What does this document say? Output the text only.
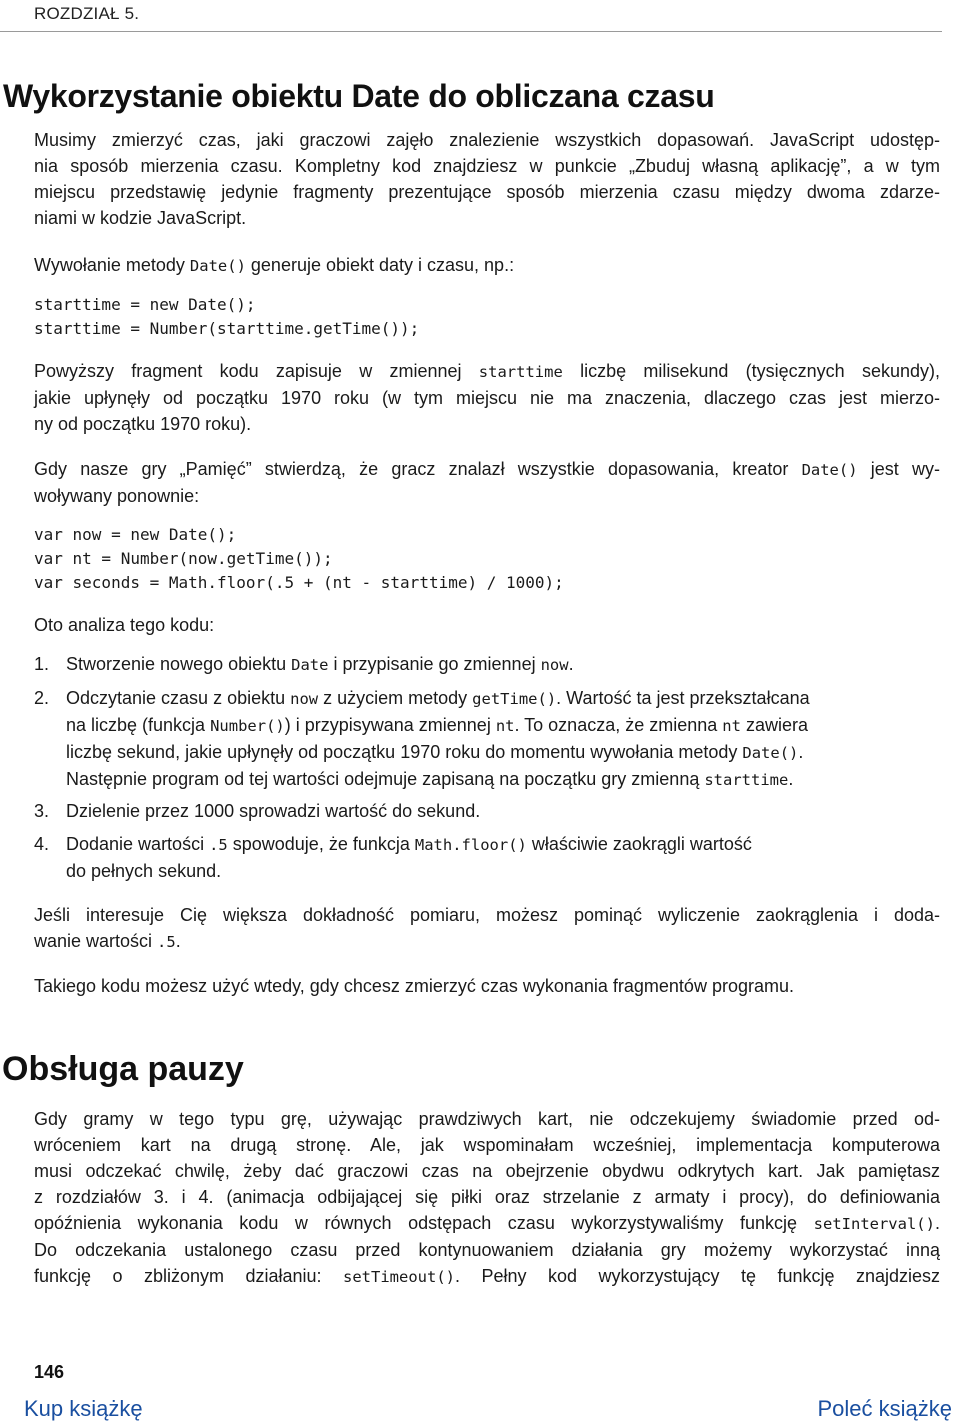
ROZDZIAŁ 5.
Wykorzystanie obiektu Date do obliczana czasu
Musimy zmierzyć czas, jaki graczowi zajęło znalezienie wszystkich dopasowań. JavaScript udostęp-
nia sposób mierzenia czasu. Kompletny kod znajdziesz w punkcie „Zbuduj własną aplikację”, a w tym
miejscu przedstawię jedynie fragmenty prezentujące sposób mierzenia czasu między dwoma zdarze-
niami w kodzie JavaScript.
Wywołanie metody Date() generuje obiekt daty i czasu, np.:
starttime = new Date();
starttime = Number(starttime.getTime());
Powyższy fragment kodu zapisuje w zmiennej starttime liczbę milisekund (tysięcznych sekundy),
jakie upłynęły od początku 1970 roku (w tym miejscu nie ma znaczenia, dlaczego czas jest mierzo-
ny od początku 1970 roku).
Gdy nasze gry „Pamięć” stwierdzą, że gracz znalazł wszystkie dopasowania, kreator Date() jest wy-
woływany ponownie:
var now = new Date();
var nt = Number(now.getTime());
var seconds = Math.floor(.5 + (nt - starttime) / 1000);
Oto analiza tego kodu:
1. Stworzenie nowego obiektu Date i przypisanie go zmiennej now.
2. Odczytanie czasu z obiektu now z użyciem metody getTime(). Wartość ta jest przekształcana
na liczbę (funkcja Number()) i przypisywana zmiennej nt. To oznacza, że zmienna nt zawiera
liczbę sekund, jakie upłynęły od początku 1970 roku do momentu wywołania metody Date().
Następnie program od tej wartości odejmuje zapisaną na początku gry zmienną starttime.
3. Dzielenie przez 1000 sprowadzi wartość do sekund.
4. Dodanie wartości .5 spowoduje, że funkcja Math.floor() właściwie zaokrągli wartość
do pełnych sekund.
Jeśli interesuje Cię większa dokładność pomiaru, możesz pominąć wyliczenie zaokrąglenia i doda-
wanie wartości .5.
Takiego kodu możesz użyć wtedy, gdy chcesz zmierzyć czas wykonania fragmentów programu.
Obsługa pauzy
Gdy gramy w tego typu grę, używając prawdziwych kart, nie odczekujemy świadomie przed od-
wróceniem kart na drugą stronę. Ale, jak wspominałam wcześniej, implementacja komputerowa
musi odczekać chwilę, żeby dać graczowi czas na obejrzenie obydwu odkrytych kart. Jak pamiętasz
z rozdziałów 3. i 4. (animacja odbijającej się piłki oraz strzelanie z armaty i procy), do definiowania
opóźnienia wykonania kodu w równych odstępach czasu wykorzystywaliśmy funkcję setInterval().
Do odczekania ustalonego czasu przed kontynuowaniem działania gry możemy wykorzystać inną
funkcję o zbliżonym działaniu: setTimeout(). Pełny kod wykorzystujący tę funkcję znajdziesz
146
Kup książkę	Poleć książkę
